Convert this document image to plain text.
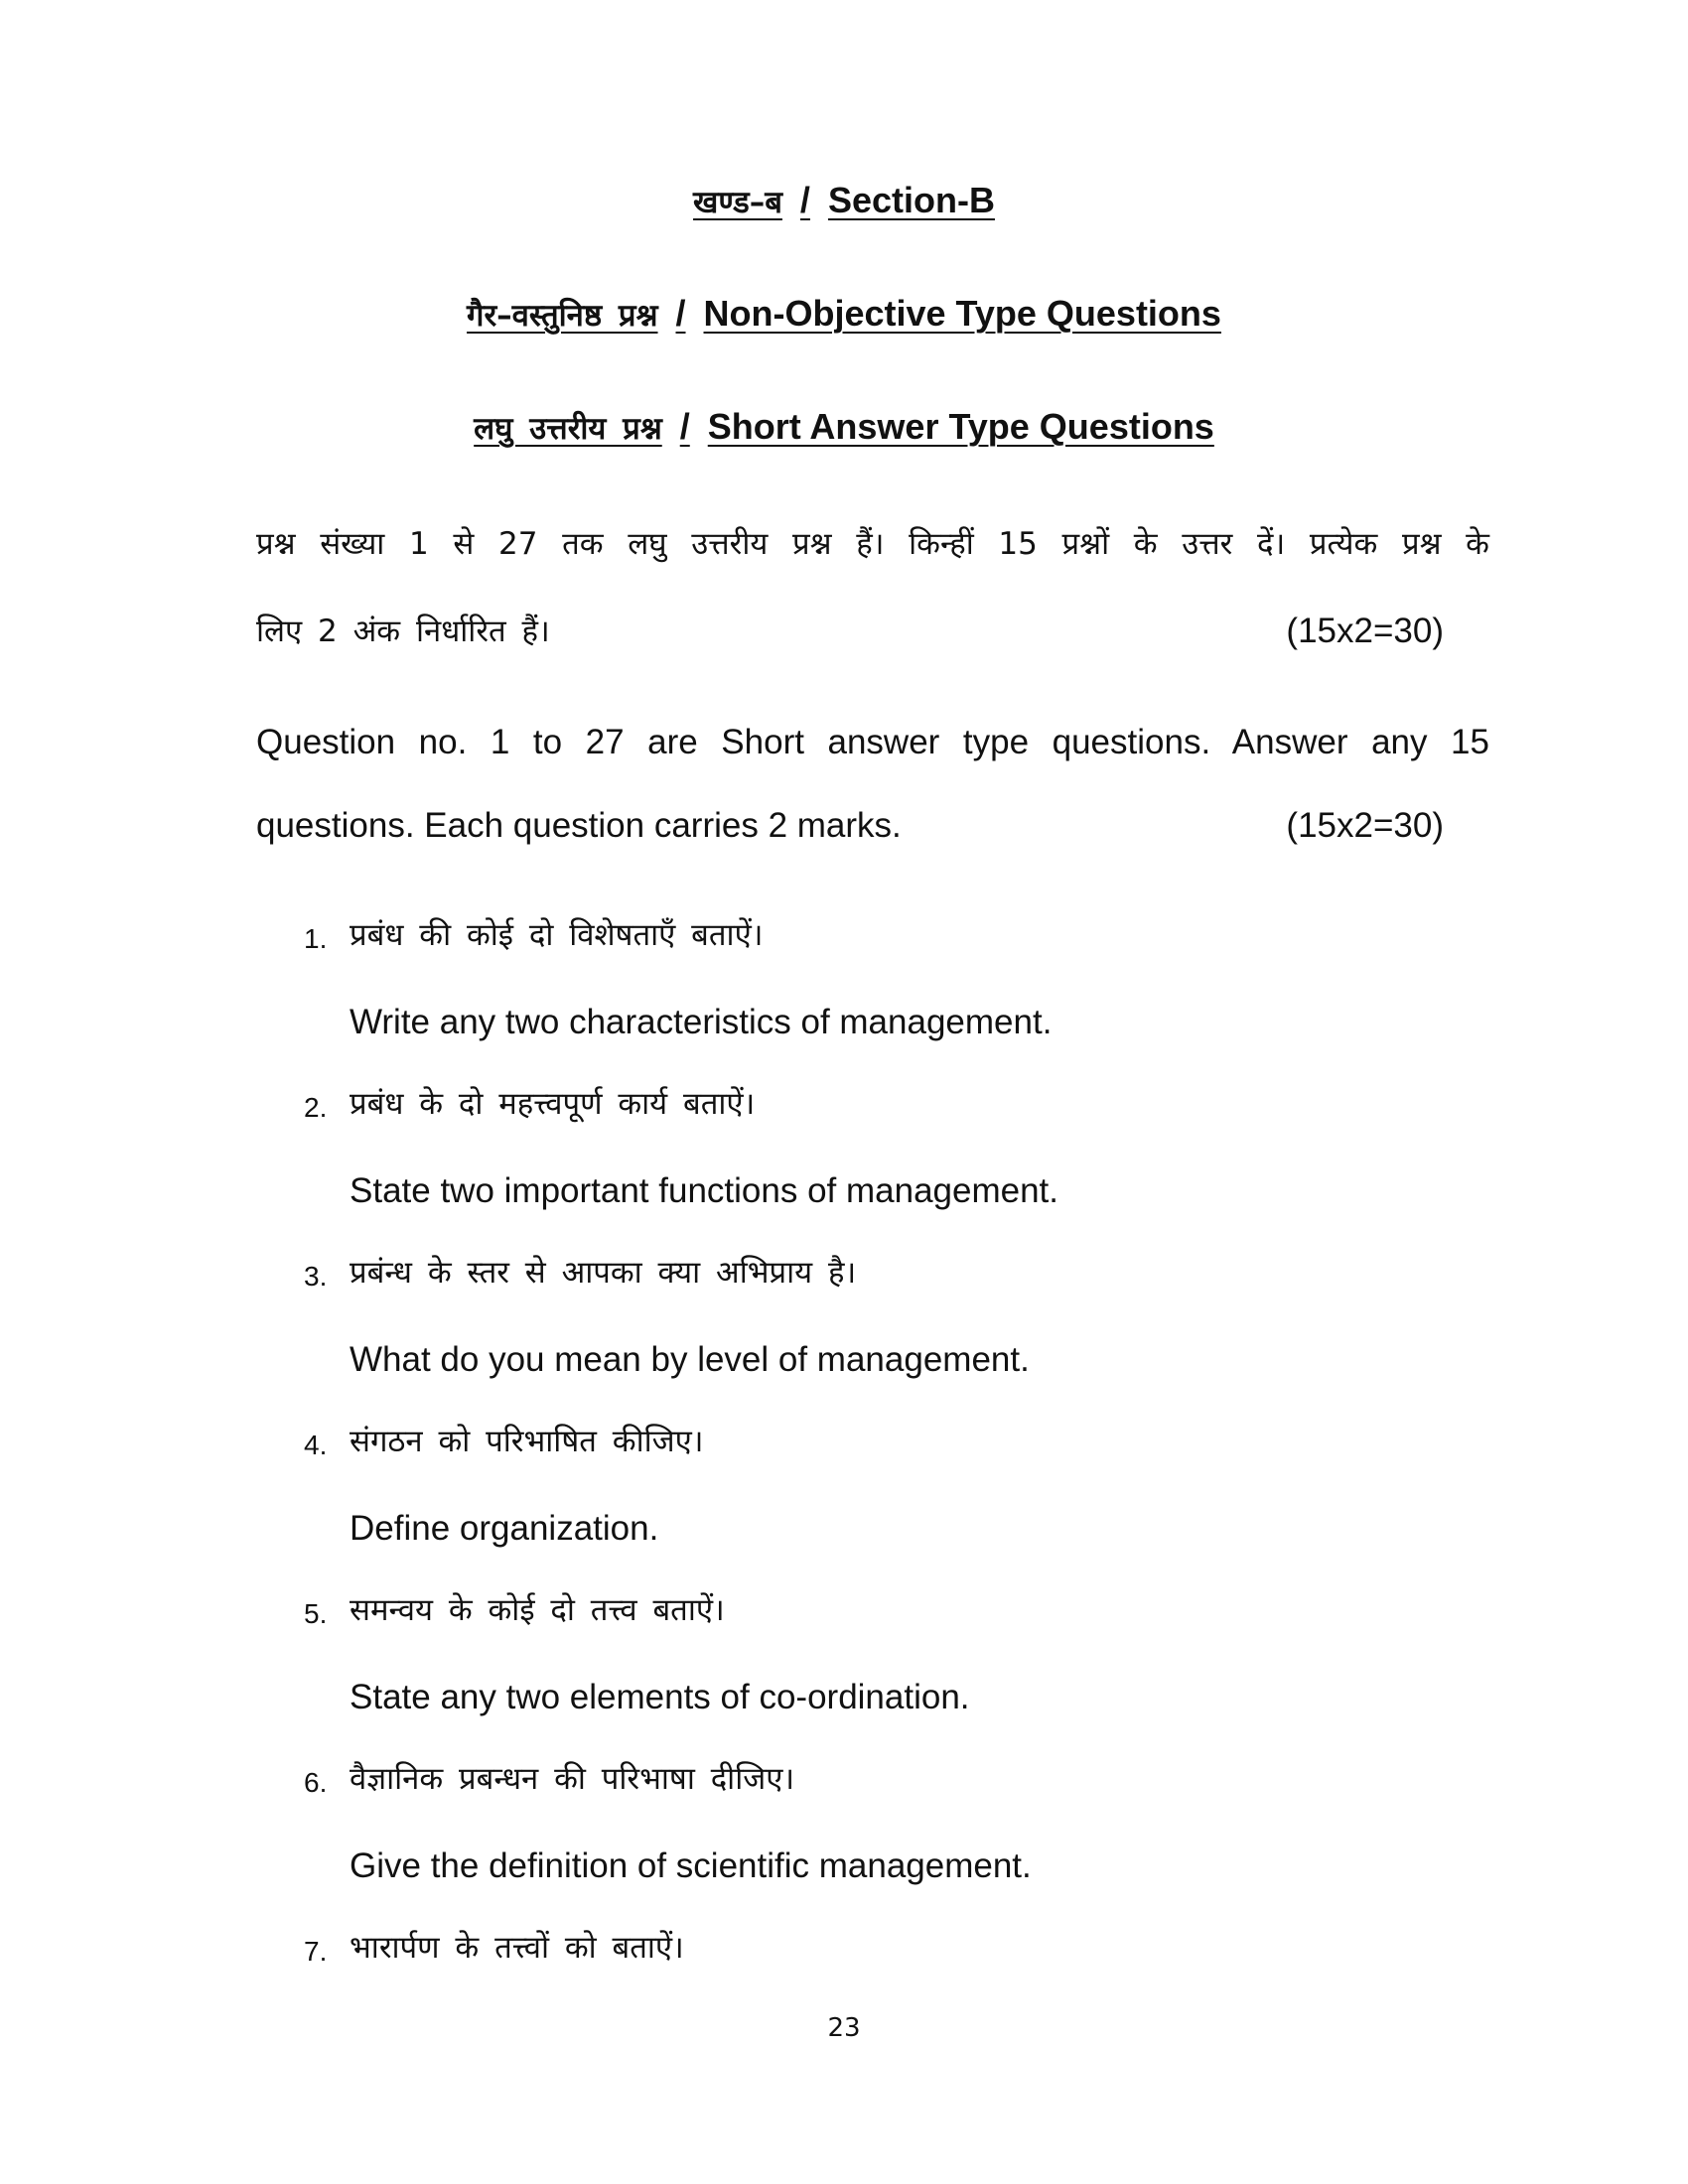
खण्ड–ब / Section-B
गैर–वस्तुनिष्ठ प्रश्न / Non-Objective Type Questions
लघु उत्तरीय प्रश्न / Short Answer Type Questions
प्रश्न संख्या 1 से 27 तक लघु उत्तरीय प्रश्न हैं। किन्हीं 15 प्रश्नों के उत्तर दें। प्रत्येक प्रश्न के
लिए 2 अंक निर्धारित हैं।	(15x2=30)
Question no. 1 to 27 are Short answer type questions. Answer any 15
questions. Each question carries 2 marks.	(15x2=30)
1. प्रबंध की कोई दो विशेषताएँ बताऐं।
Write any two characteristics of management.
2. प्रबंध के दो महत्त्वपूर्ण कार्य बताऐं।
State two important functions of management.
3. प्रबंन्ध के स्तर से आपका क्या अभिप्राय है।
What do you mean by level of management.
4. संगठन को परिभाषित कीजिए।
Define organization.
5. समन्वय के कोई दो तत्त्व बताऐं।
State any two elements of co-ordination.
6. वैज्ञानिक प्रबन्धन की परिभाषा दीजिए।
Give the definition of scientific management.
7. भारार्पण के तत्त्वों को बताऐं।
23
